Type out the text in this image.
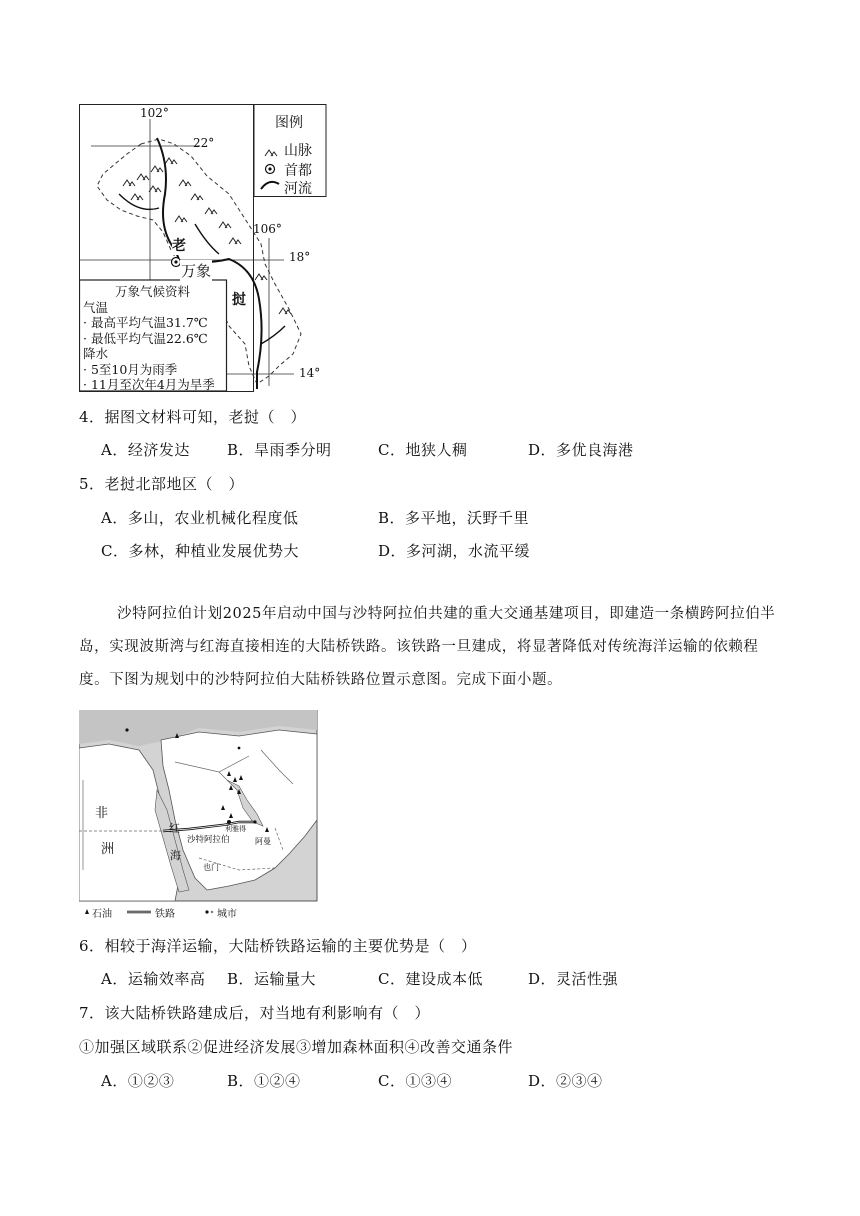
102°
22°
106°
18°
14°
老
挝
万象
图例
山脉
首都
河流
万象气候资料
气温
· 最高平均气温31.7℃
· 最低平均气温22.6℃
降水
· 5至10月为雨季
· 11月至次年4月为旱季
4．据图文材料可知，老挝（　）
A．经济发达 B．旱雨季分明	C．地狭人稠	D．多优良海港
5．老挝北部地区（　）
A．多山，农业机械化程度低	B．多平地，沃野千里
C．多林，种植业发展优势大	D．多河湖，水流平缓
沙特阿拉伯计划2025年启动中国与沙特阿拉伯共建的重大交通基建项目，即建造一条横跨阿拉伯半岛，实现波斯湾与红海直接相连的大陆桥铁路。该铁路一旦建成，将显著降低对传统海洋运输的依赖程度。下图为规划中的沙特阿拉伯大陆桥铁路位置示意图。完成下面小题。
非
洲
红
海
沙特阿拉伯
利雅得
阿曼
也门
石油	铁路	城市
6．相较于海洋运输，大陆桥铁路运输的主要优势是（　）
A．运输效率高 B．运输量大	C．建设成本低	D．灵活性强
7．该大陆桥铁路建成后，对当地有利影响有（　）
①加强区域联系②促进经济发展③增加森林面积④改善交通条件
A．①②③	B．①②④	C．①③④	D．②③④
